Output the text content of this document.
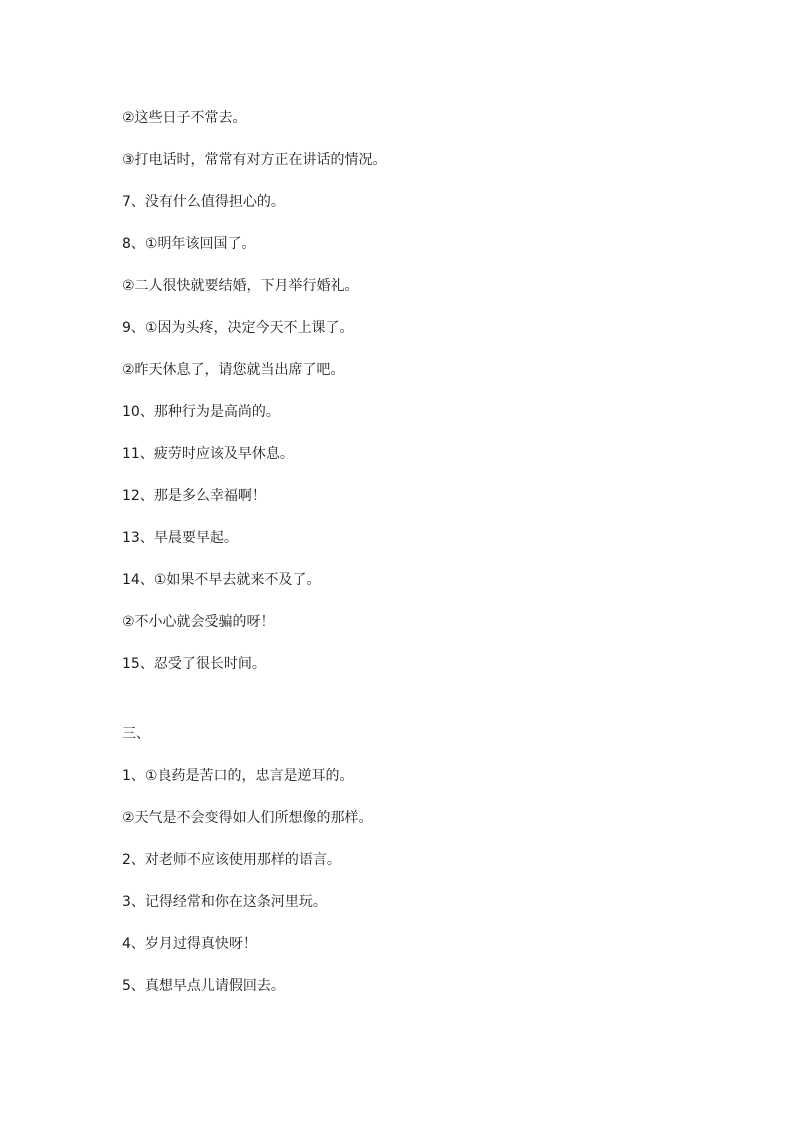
②这些日子不常去。
③打电话时，常常有对方正在讲话的情况。
7、没有什么值得担心的。
8、①明年该回国了。
②二人很快就要结婚，下月举行婚礼。
9、①因为头疼，决定今天不上课了。
②昨天休息了，请您就当出席了吧。
10、那种行为是高尚的。
11、疲劳时应该及早休息。
12、那是多么幸福啊！
13、早晨要早起。
14、①如果不早去就来不及了。
②不小心就会受骗的呀！
15、忍受了很长时间。
三、
1、①良药是苦口的，忠言是逆耳的。
②天气是不会变得如人们所想像的那样。
2、对老师不应该使用那样的语言。
3、记得经常和你在这条河里玩。
4、岁月过得真快呀！
5、真想早点儿请假回去。
